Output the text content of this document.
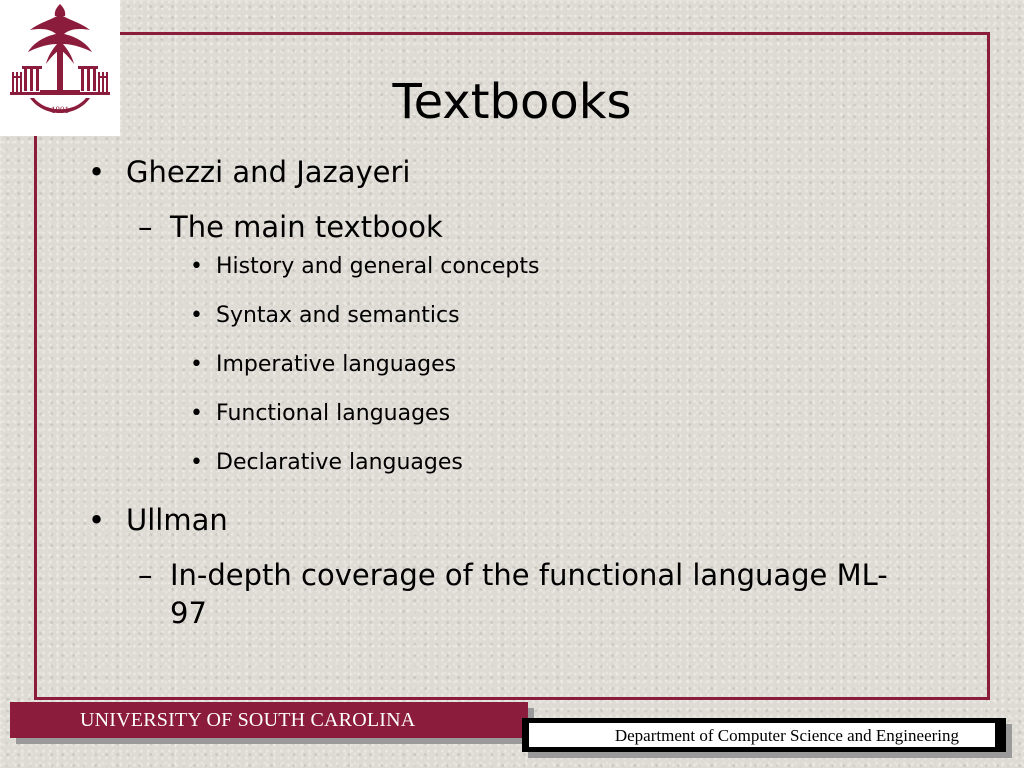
1801	Textbooks
• Ghezzi and Jazayeri
– The main textbook
• History and general concepts
• Syntax and semantics
• Imperative languages
• Functional languages
• Declarative languages
• Ullman
– In-depth coverage of the functional language ML-97
UNIVERSITY OF SOUTH CAROLINA
Department of Computer Science and Engineering
